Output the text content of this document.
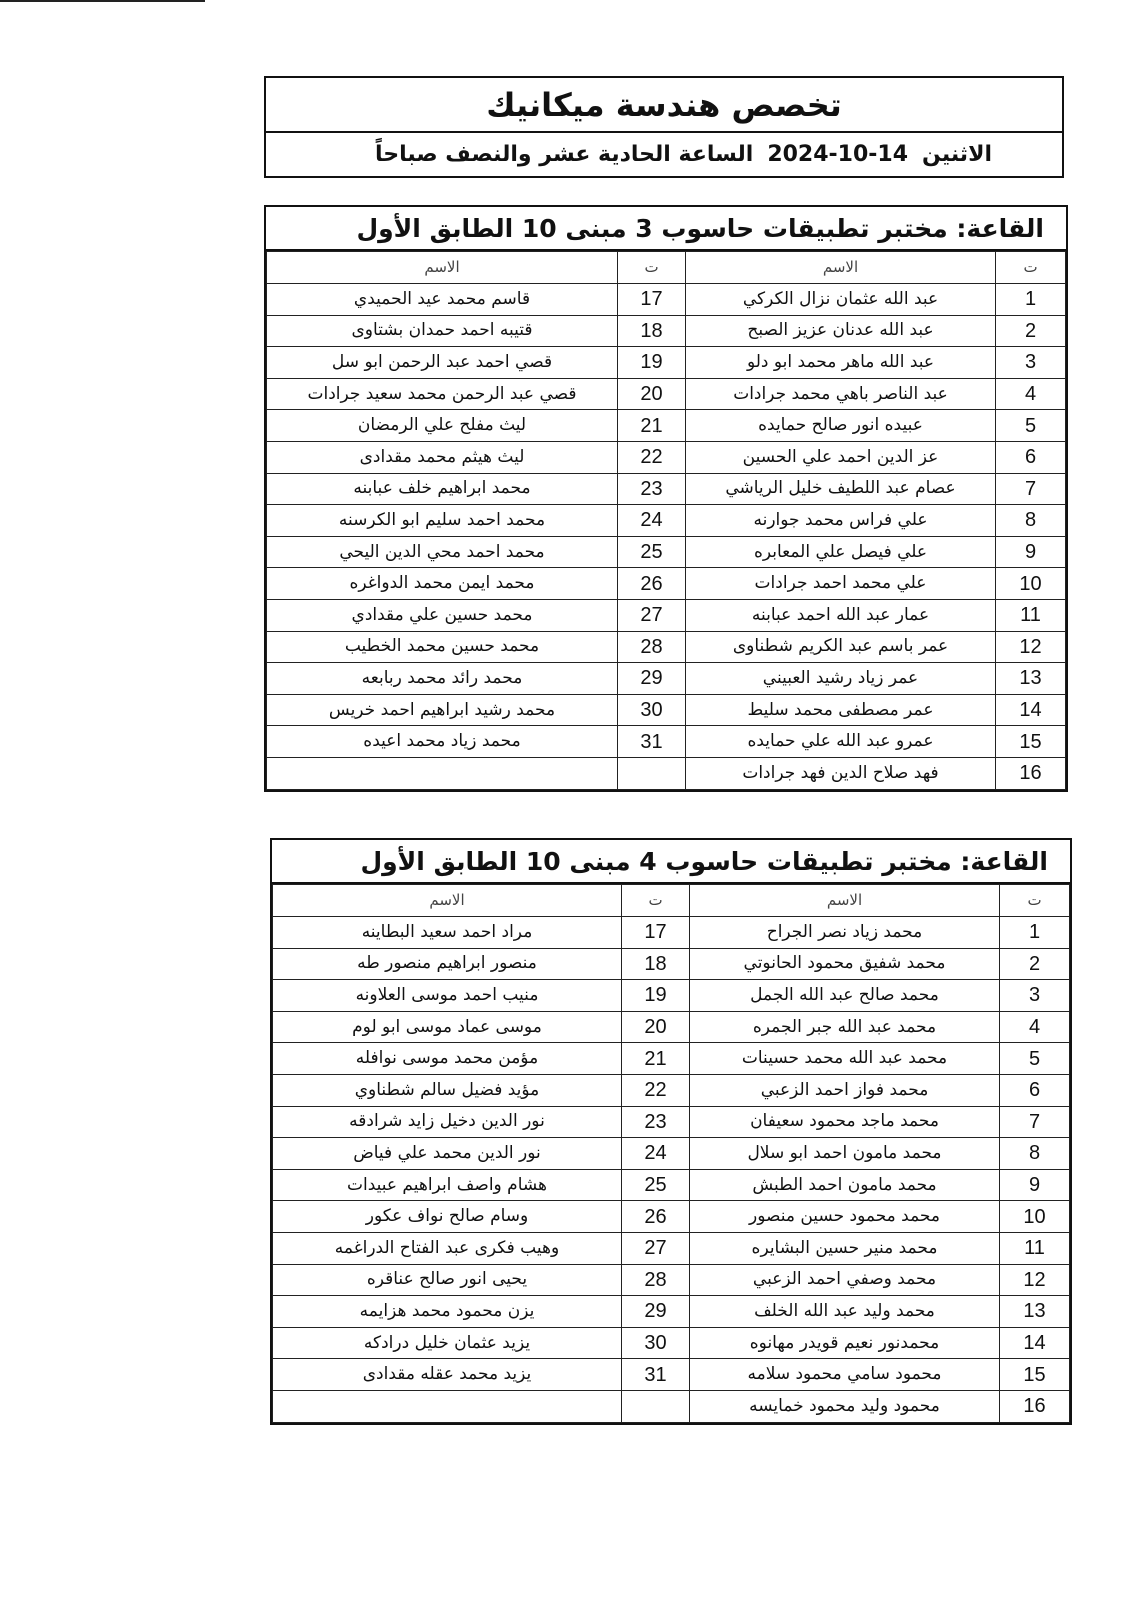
تخصص هندسة ميكانيك
الاثنين
2024-10-14
الساعة الحادية عشر والنصف صباحاً
القاعة: مختبر تطبيقات حاسوب 3 مبنى 10 الطابق الأول
ت	الاسم	ت	الاسم
1	عبد الله عثمان نزال الكركي	17	قاسم محمد عيد الحميدي
2	عبد الله عدنان عزيز الصبح	18	قتيبه احمد حمدان بشتاوى
3	عبد الله ماهر محمد ابو دلو	19	قصي احمد عبد الرحمن ابو سل
4	عبد الناصر باهي محمد جرادات	20	قصي عبد الرحمن محمد سعيد جرادات
5	عبيده انور صالح حمايده	21	ليث مفلح علي الرمضان
6	عز الدين احمد علي الحسين	22	ليث هيثم محمد مقدادى
7	عصام عبد اللطيف خليل الرياشي	23	محمد ابراهيم خلف عبابنه
8	علي فراس محمد جوارنه	24	محمد احمد سليم ابو الكرسنه
9	علي فيصل علي المعابره	25	محمد احمد محي الدين اليحي
10	علي محمد احمد جرادات	26	محمد ايمن محمد الدواغره
11	عمار عبد الله احمد عبابنه	27	محمد حسين علي مقدادي
12	عمر باسم عبد الكريم شطناوى	28	محمد حسين محمد الخطيب
13	عمر زياد رشيد العبيني	29	محمد رائد محمد ربابعه
14	عمر مصطفى محمد سليط	30	محمد رشيد ابراهيم احمد خريس
15	عمرو عبد الله علي حمايده	31	محمد زياد محمد اعيده
16	فهد صلاح الدين فهد جرادات		
القاعة: مختبر تطبيقات حاسوب 4 مبنى 10 الطابق الأول
ت	الاسم	ت	الاسم
1	محمد زياد نصر الجراح	17	مراد احمد سعيد البطاينه
2	محمد شفيق محمود الحانوتي	18	منصور ابراهيم منصور طه
3	محمد صالح عبد الله الجمل	19	منيب احمد موسى العلاونه
4	محمد عبد الله جبر الجمره	20	موسى عماد موسى ابو لوم
5	محمد عبد الله محمد حسينات	21	مؤمن محمد موسى نوافله
6	محمد فواز احمد الزعبي	22	مؤيد فضيل سالم شطناوي
7	محمد ماجد محمود سعيفان	23	نور الدين دخيل زايد شرادقه
8	محمد مامون احمد ابو سلال	24	نور الدين محمد علي فياض
9	محمد مامون احمد الطبش	25	هشام واصف ابراهيم عبيدات
10	محمد محمود حسين منصور	26	وسام صالح نواف عكور
11	محمد منير حسين البشايره	27	وهيب فكرى عبد الفتاح الدراغمه
12	محمد وصفي احمد الزعبي	28	يحيى انور صالح عناقره
13	محمد وليد عبد الله الخلف	29	يزن محمود محمد هزايمه
14	محمدنور نعيم قويدر مهانوه	30	يزيد عثمان خليل درادكه
15	محمود سامي محمود سلامه	31	يزيد محمد عقله مقدادى
16	محمود وليد محمود خمايسه		
